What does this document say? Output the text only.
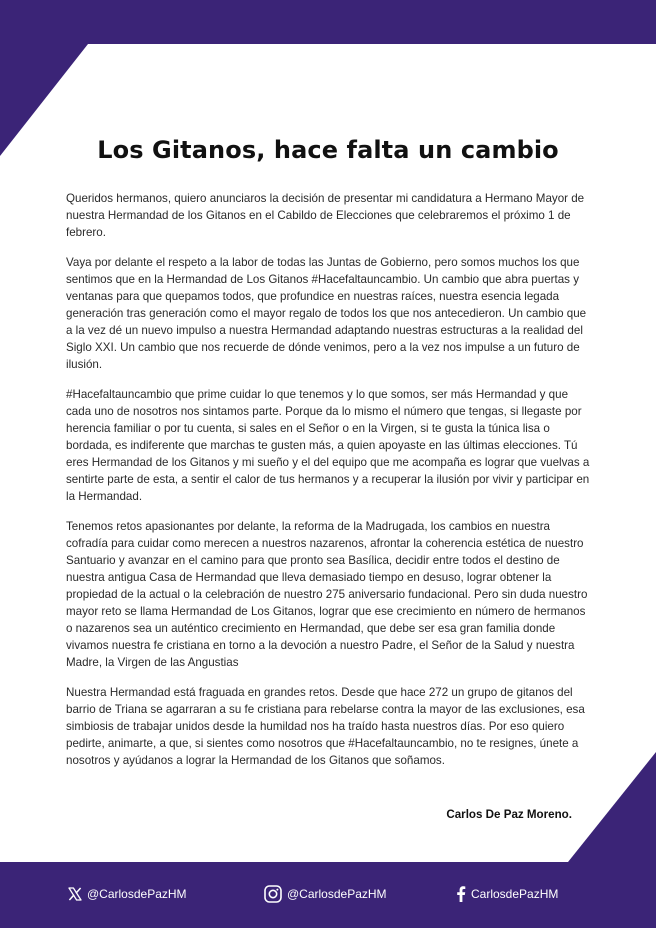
Los Gitanos, hace falta un cambio

Queridos hermanos, quiero anunciaros la decisión de presentar mi candidatura a Hermano Mayor de nuestra Hermandad de los Gitanos en el Cabildo de Elecciones que celebraremos el próximo 1 de febrero.

Vaya por delante el respeto a la labor de todas las Juntas de Gobierno, pero somos muchos los que sentimos que en la Hermandad de Los Gitanos #Hacefaltauncambio. Un cambio que abra puertas y ventanas para que quepamos todos, que profundice en nuestras raíces, nuestra esencia legada generación tras generación como el mayor regalo de todos los que nos antecedieron. Un cambio que a la vez dé un nuevo impulso a nuestra Hermandad adaptando nuestras estructuras a la realidad del Siglo XXI. Un cambio que nos recuerde de dónde venimos, pero a la vez nos impulse a un futuro de ilusión.

#Hacefaltauncambio que prime cuidar lo que tenemos y lo que somos, ser más Hermandad y que cada uno de nosotros nos sintamos parte. Porque da lo mismo el número que tengas, si llegaste por herencia familiar o por tu cuenta, si sales en el Señor o en la Virgen, si te gusta la túnica lisa o bordada, es indiferente que marchas te gusten más, a quien apoyaste en las últimas elecciones. Tú eres Hermandad de los Gitanos y mi sueño y el del equipo que me acompaña es lograr que vuelvas a sentirte parte de esta, a sentir el calor de tus hermanos y a recuperar la ilusión por vivir y participar en la Hermandad.

Tenemos retos apasionantes por delante, la reforma de la Madrugada, los cambios en nuestra cofradía para cuidar como merecen a nuestros nazarenos, afrontar la coherencia estética de nuestro Santuario y avanzar en el camino para que pronto sea Basílica, decidir entre todos el destino de nuestra antigua Casa de Hermandad que lleva demasiado tiempo en desuso, lograr obtener la propiedad de la actual o la celebración de nuestro 275 aniversario fundacional. Pero sin duda nuestro mayor reto se llama Hermandad de Los Gitanos, lograr que ese crecimiento en número de hermanos o nazarenos sea un auténtico crecimiento en Hermandad, que debe ser esa gran familia donde vivamos nuestra fe cristiana en torno a la devoción a nuestro Padre, el Señor de la Salud y nuestra Madre, la Virgen de las Angustias

Nuestra Hermandad está fraguada en grandes retos. Desde que hace 272 un grupo de gitanos del barrio de Triana se agarraran a su fe cristiana para rebelarse contra la mayor de las exclusiones, esa simbiosis de trabajar unidos desde la humildad nos ha traído hasta nuestros días. Por eso quiero pedirte, animarte, a que, si sientes como nosotros que #Hacefaltauncambio, no te resignes, únete a nosotros y ayúdanos a lograr la Hermandad de los Gitanos que soñamos.

Carlos De Paz Moreno.
@CarlosdePazHM	@CarlosdePazHM	CarlosdePazHM
